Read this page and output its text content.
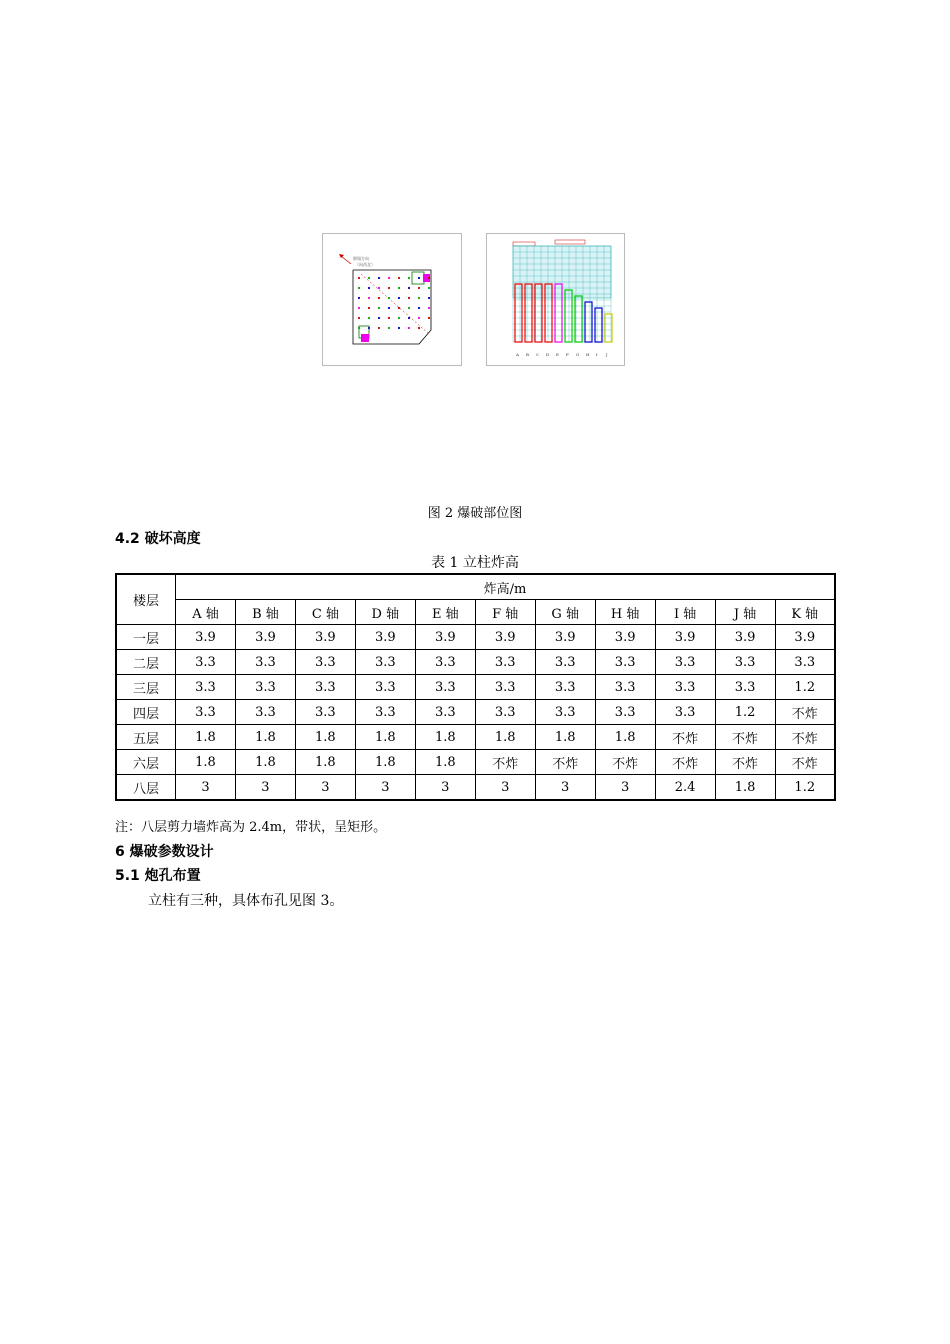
倒塌方向
（向西北）
A B C D E F G H I J
图 2 爆破部位图
4.2 破坏高度
表 1 立柱炸高
楼层	炸高/m										
	A 轴	B 轴	C 轴	D 轴	E 轴	F 轴	G 轴	H 轴	I 轴	J 轴	K 轴
一层	3.9	3.9	3.9	3.9	3.9	3.9	3.9	3.9	3.9	3.9	3.9
二层	3.3	3.3	3.3	3.3	3.3	3.3	3.3	3.3	3.3	3.3	3.3
三层	3.3	3.3	3.3	3.3	3.3	3.3	3.3	3.3	3.3	3.3	1.2
四层	3.3	3.3	3.3	3.3	3.3	3.3	3.3	3.3	3.3	1.2	不炸
五层	1.8	1.8	1.8	1.8	1.8	1.8	1.8	1.8	不炸	不炸	不炸
六层	1.8	1.8	1.8	1.8	1.8	不炸	不炸	不炸	不炸	不炸	不炸
八层	3	3	3	3	3	3	3	3	2.4	1.8	1.2
注：八层剪力墙炸高为 2.4m，带状，呈矩形。
6 爆破参数设计
5.1 炮孔布置
立柱有三种，具体布孔见图 3。
